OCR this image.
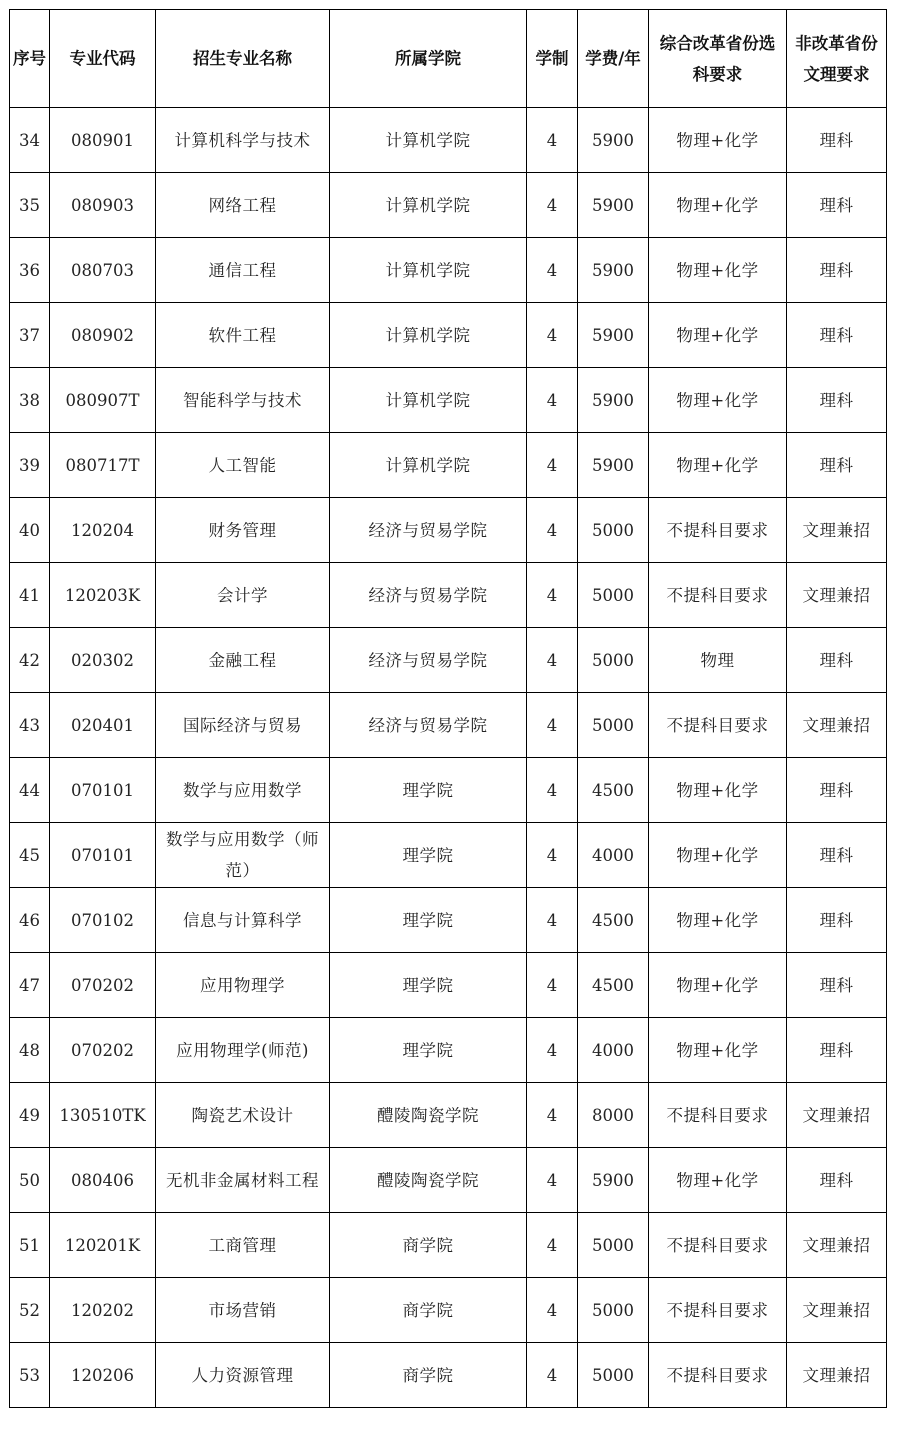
序号	专业代码	招生专业名称	所属学院	学制	学费/年	综合改革省份选科要求	非改革省份文理要求
34	080901	计算机科学与技术	计算机学院	4	5900	物理+化学	理科
35	080903	网络工程	计算机学院	4	5900	物理+化学	理科
36	080703	通信工程	计算机学院	4	5900	物理+化学	理科
37	080902	软件工程	计算机学院	4	5900	物理+化学	理科
38	080907T	智能科学与技术	计算机学院	4	5900	物理+化学	理科
39	080717T	人工智能	计算机学院	4	5900	物理+化学	理科
40	120204	财务管理	经济与贸易学院	4	5000	不提科目要求	文理兼招
41	120203K	会计学	经济与贸易学院	4	5000	不提科目要求	文理兼招
42	020302	金融工程	经济与贸易学院	4	5000	物理	理科
43	020401	国际经济与贸易	经济与贸易学院	4	5000	不提科目要求	文理兼招
44	070101	数学与应用数学	理学院	4	4500	物理+化学	理科
45	070101	数学与应用数学（师范）	理学院	4	4000	物理+化学	理科
46	070102	信息与计算科学	理学院	4	4500	物理+化学	理科
47	070202	应用物理学	理学院	4	4500	物理+化学	理科
48	070202	应用物理学(师范)	理学院	4	4000	物理+化学	理科
49	130510TK	陶瓷艺术设计	醴陵陶瓷学院	4	8000	不提科目要求	文理兼招
50	080406	无机非金属材料工程	醴陵陶瓷学院	4	5900	物理+化学	理科
51	120201K	工商管理	商学院	4	5000	不提科目要求	文理兼招
52	120202	市场营销	商学院	4	5000	不提科目要求	文理兼招
53	120206	人力资源管理	商学院	4	5000	不提科目要求	文理兼招
